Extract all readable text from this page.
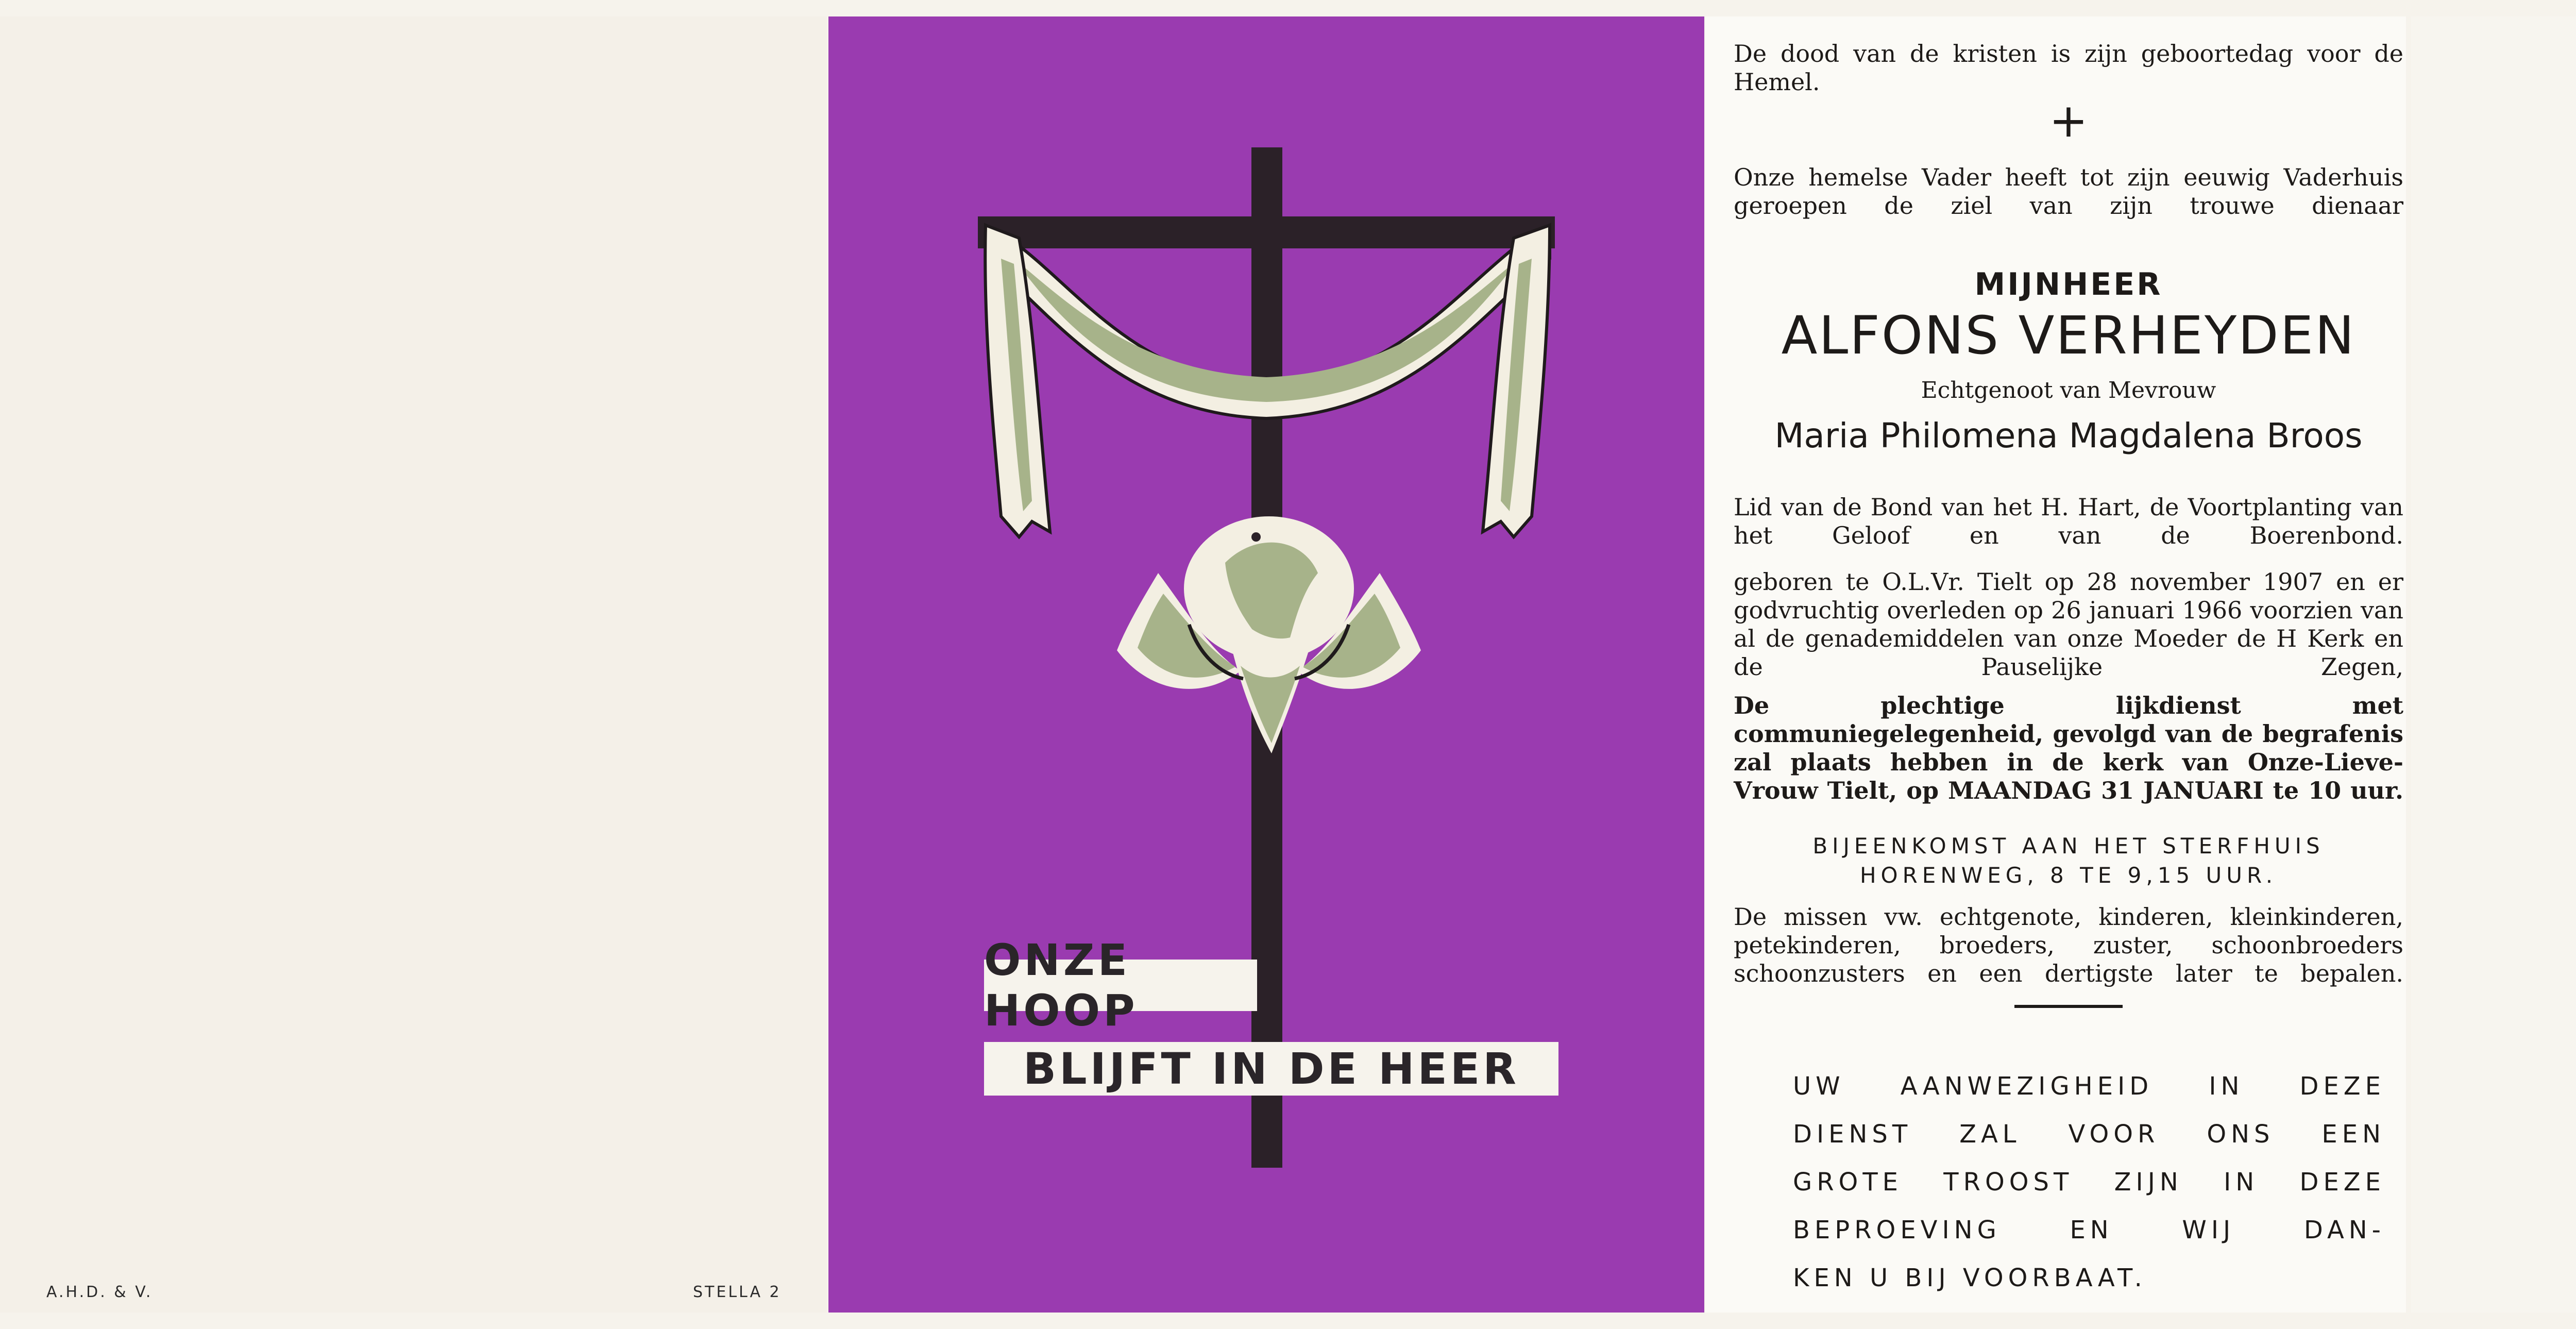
A.H.D. & V.	STELLA 2
ONZE HOOP
BLIJFT IN DE HEER
De dood van de kristen is zijn geboortedag voor de Hemel.
+
Onze hemelse Vader heeft tot zijn eeuwig Vaderhuis geroepen de ziel van zijn trouwe dienaar
MIJNHEER
ALFONS VERHEYDEN
Echtgenoot van Mevrouw
Maria Philomena Magdalena Broos
Lid van de Bond van het H. Hart, de Voortplanting van het Geloof en van de Boerenbond.
geboren te O.L.Vr. Tielt op 28 november 1907 en er godvruchtig overleden op 26 januari 1966 voorzien van al de genademiddelen van onze Moeder de H Kerk en de Pauselijke Zegen,
De plechtige lijkdienst met communiegelegenheid, gevolgd van de begrafenis zal plaats hebben in de kerk van Onze-Lieve-Vrouw Tielt, op MAANDAG 31 JANUARI te 10 uur.
BIJEENKOMST AAN HET STERFHUIS
HORENWEG, 8 TE 9,15 UUR.
De missen vw. echtgenote, kinderen, kleinkinderen, petekinderen, broeders, zuster, schoonbroeders schoonzusters en een dertigste later te bepalen.
UW AANWEZIGHEID IN DEZE
DIENST ZAL VOOR ONS EEN
GROTE TROOST ZIJN IN DEZE
BEPROEVING EN WIJ DAN-
KEN U BIJ VOORBAAT.
